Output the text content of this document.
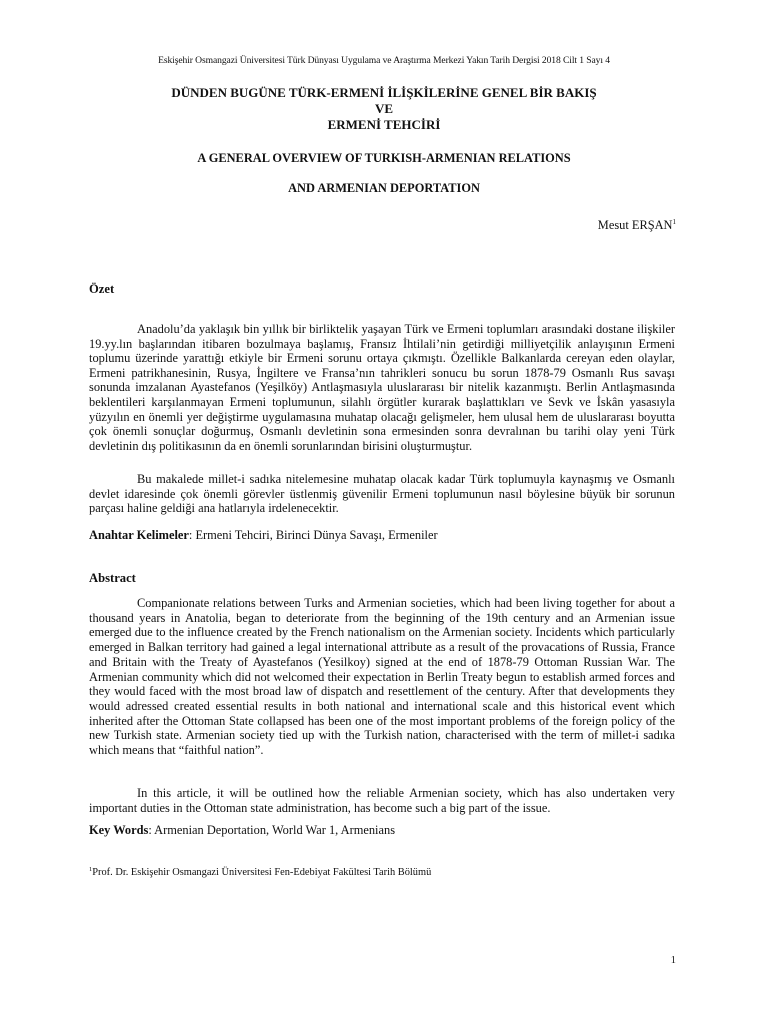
Eskişehir Osmangazi Üniversitesi Türk Dünyası Uygulama ve Araştırma Merkezi Yakın Tarih Dergisi 2018 Cilt 1 Sayı 4
DÜNDEN BUGÜNE TÜRK-ERMENİ İLİŞKİLERİNE GENEL BİR BAKIŞ
VE
ERMENİ TEHCİRİ
A GENERAL OVERVIEW OF TURKISH-ARMENIAN RELATIONS
AND ARMENIAN DEPORTATION
Mesut ERŞAN$^1$
Özet

Anadolu’da yaklaşık bin yıllık bir birliktelik yaşayan Türk ve Ermeni toplumları arasındaki dostane ilişkiler 19.yy.lın başlarından itibaren bozulmaya başlamış, Fransız İhtilali’nin getirdiği milliyetçilik anlayışının Ermeni toplumu üzerinde yarattığı etkiyle bir Ermeni sorunu ortaya çıkmıştı. Özellikle Balkanlarda cereyan eden olaylar, Ermeni patrikhanesinin, Rusya, İngiltere ve Fransa’nın tahrikleri sonucu bu sorun 1878-79 Osmanlı Rus savaşı sonunda imzalanan Ayastefanos (Yeşilköy) Antlaşmasıyla uluslararası bir nitelik kazanmıştı. Berlin Antlaşmasında beklentileri karşılanmayan Ermeni toplumunun, silahlı örgütler kurarak başlattıkları ve Sevk ve İskân yasasıyla yüzyılın en önemli yer değiştirme uygulamasına muhatap olacağı gelişmeler, hem ulusal hem de uluslararası boyutta çok önemli sonuçlar doğurmuş, Osmanlı devletinin sona ermesinden sonra devralınan bu tarihi olay yeni Türk devletinin dış politikasının da en önemli sorunlarından birisini oluşturmuştur.

Bu makalede millet-i sadıka nitelemesine muhatap olacak kadar Türk toplumuyla kaynaşmış ve Osmanlı devlet idaresinde çok önemli görevler üstlenmiş güvenilir Ermeni toplumunun nasıl böylesine büyük bir sorunun parçası haline geldiği ana hatlarıyla irdelenecektir.

Anahtar Kelimeler: Ermeni Tehciri, Birinci Dünya Savaşı, Ermeniler
Abstract

Companionate relations between Turks and Armenian societies, which had been living together for about a thousand years in Anatolia, began to deteriorate from the beginning of the 19th century and an Armenian issue emerged due to the influence created by the French nationalism on the Armenian society. Incidents which particularly emerged in Balkan territory had gained a legal international attribute as a result of the provacations of Russia, France and Britain with the Treaty of Ayastefanos (Yesilkoy) signed at the end of 1878-79 Ottoman Russian War. The Armenian community which did not welcomed their expectation in Berlin Treaty begun to establish armed forces and they would faced with the most broad law of dispatch and resettlement of the century. After that developments they would adressed created essential results in both national and international scale and this historical event which inherited after the Ottoman State collapsed has been one of the most important problems of the foreign policy of the new Turkish state. Armenian society tied up with the Turkish nation, characterised with the term of millet-i sadıka which means that “faithful nation”.

In this article, it will be outlined how the reliable Armenian society, which has also undertaken very important duties in the Ottoman state administration, has become such a big part of the issue.

Key Words: Armenian Deportation, World War 1, Armenians
$^1$Prof. Dr. Eskişehir Osmangazi Üniversitesi Fen-Edebiyat Fakültesi Tarih Bölümü
1
